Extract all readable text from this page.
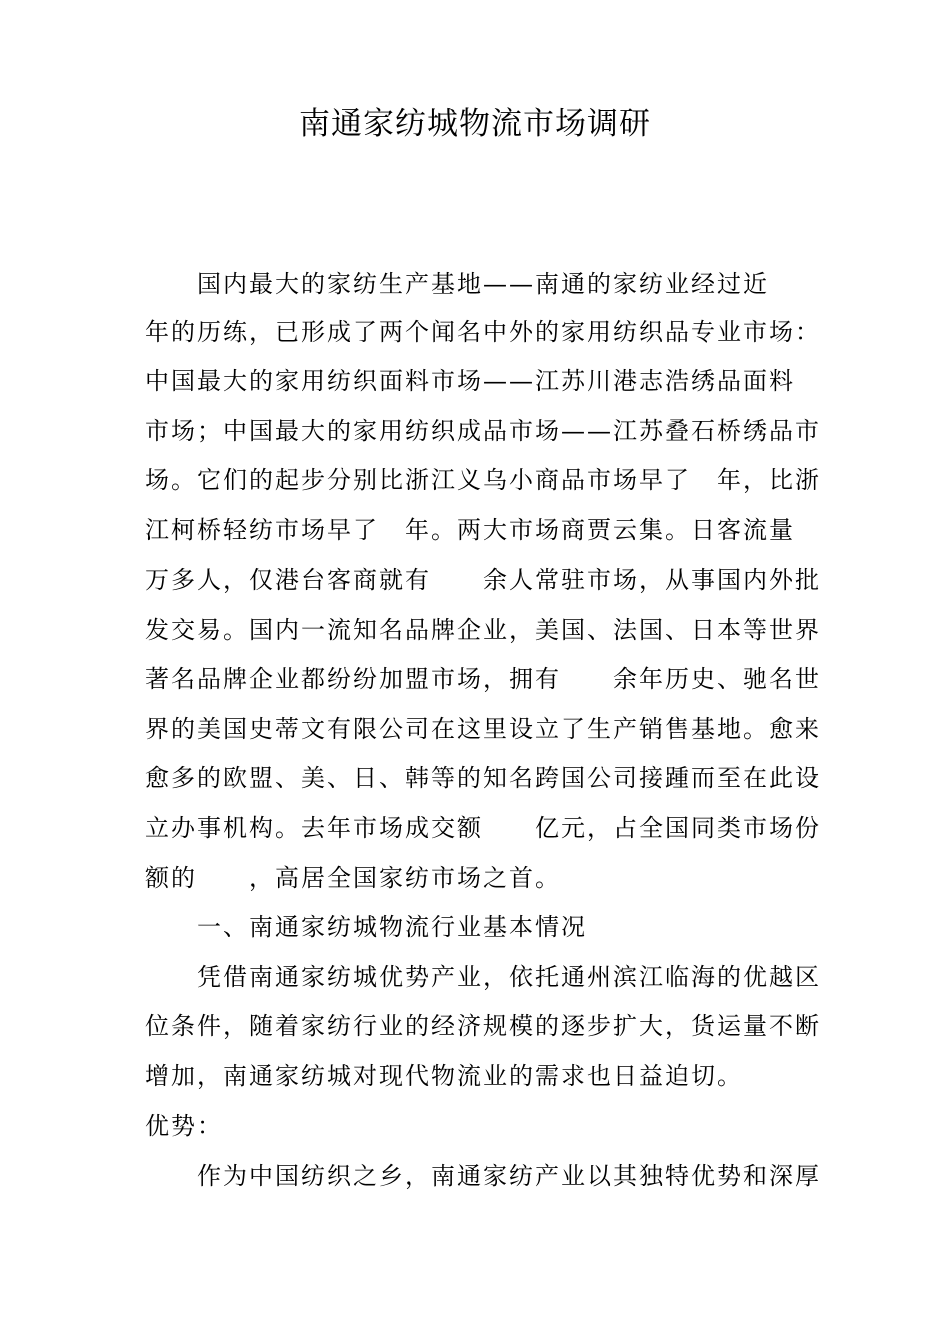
南通家纺城物流市场调研
　　国内最大的家纺生产基地——南通的家纺业经过近
年的历练，已形成了两个闻名中外的家用纺织品专业市场：
中国最大的家用纺织面料市场——江苏川港志浩绣品面料
市场；中国最大的家用纺织成品市场——江苏叠石桥绣品市
场。它们的起步分别比浙江义乌小商品市场早了　年，比浙
江柯桥轻纺市场早了　年。两大市场商贾云集。日客流量
万多人，仅港台客商就有　　余人常驻市场，从事国内外批
发交易。国内一流知名品牌企业，美国、法国、日本等世界
著名品牌企业都纷纷加盟市场，拥有　　余年历史、驰名世
界的美国史蒂文有限公司在这里设立了生产销售基地。愈来
愈多的欧盟、美、日、韩等的知名跨国公司接踵而至在此设
立办事机构。去年市场成交额　　亿元，占全国同类市场份
额的　　，高居全国家纺市场之首。
　　一、南通家纺城物流行业基本情况
　　凭借南通家纺城优势产业，依托通州滨江临海的优越区
位条件，随着家纺行业的经济规模的逐步扩大，货运量不断
增加，南通家纺城对现代物流业的需求也日益迫切。
优势：
　　作为中国纺织之乡，南通家纺产业以其独特优势和深厚
